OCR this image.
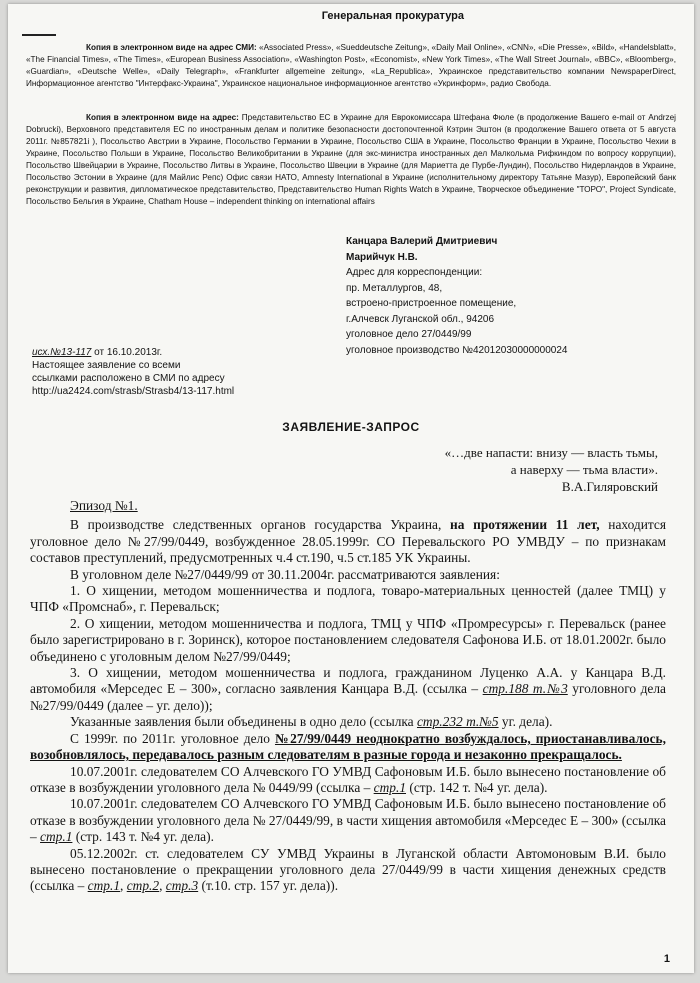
Генеральная прокуратура

Копия в электронном виде на адрес СМИ: «Associated Press», «Sueddeutsche Zeitung», «Daily Mail Online», «CNN», «Die Presse», «Bild», «Handelsblatt», «The Financial Times», «The Times», «European Business Association», «Washington Post», «Economist», «New York Times», «The Wall Street Journal», «BBC», «Bloomberg», «Guardian», «Deutsche Welle», «Daily Telegraph», «Frankfurter allgemeine zeitung», «La_Republica», Украинское представительство компании NewspaperDirect, Информационное агентство "Интерфакс-Украина", Украинское национальное информационное агентство «Укринформ», радио Свобода.

Копия в электронном виде на адрес: Представительство ЕС в Украине для Еврокомиссара Штефана Фюле (в продолжение Вашего e-mail от Andrzej Dobrucki), Верховного представителя ЕС по иностранным делам и политике безопасности достопочтенной Кэтрин Эштон (в продолжение Вашего ответа от 5 августа 2011г. №857821i ), Посольство Австрии в Украине, Посольство Германии в Украине, Посольство США в Украине, Посольство Франции в Украине, Посольство Чехии в Украине, Посольство Польши в Украине, Посольство Великобритании в Украине (для экс-министра иностранных дел Малкольма Рифкиндом по вопросу коррупции), Посольство Швейцарии в Украине, Посольство Литвы в Украине, Посольство Швеции в Украине (для Мариетта де Пурбе-Лундин), Посольство Нидерландов в Украине, Посольство Эстонии в Украине (для Майлис Репс) Офис связи НАТО, Amnesty International в Украине (исполнительному директору Татьяне Мазур), Европейский банк реконструкции и развития, дипломатическое представительство, Представительство Human Rights Watch в Украине, Творческое объединение "ТОРО", Project Syndicate, Посольство Бельгия в Украине, Chatham House – independent thinking on international affairs

Канцара Валерий Дмитриевич
Марийчук Н.В.
Адрес для корреспонденции:
пр. Металлургов, 48,
встроено-пристроенное помещение,
г.Алчевск Луганской обл., 94206
уголовное дело 27/0449/99
уголовное производство №42012030000000024
исх.№13-117 от 16.10.2013г.
Настоящее заявление со всеми
ссылками расположено в СМИ по адресу
http://ua2424.com/strasb/Strasb4/13-117.html
ЗАЯВЛЕНИЕ-ЗАПРОС
«…две напасти: внизу — власть тьмы,
а наверху — тьма власти».
В.А.Гиляровский

Эпизод №1.

В производстве следственных органов государства Украина, на протяжении 11 лет, находится уголовное дело №27/99/0449, возбужденное 28.05.1999г. СО Перевальского РО УМВДУ – по признакам составов преступлений, предусмотренных ч.4 ст.190, ч.5 ст.185 УК Украины.

В уголовном деле №27/0449/99 от 30.11.2004г. рассматриваются заявления:

1. О хищении, методом мошенничества и подлога, товаро-материальных ценностей (далее ТМЦ) у ЧПФ «Промснаб», г. Перевальск;

2. О хищении, методом мошенничества и подлога, ТМЦ у ЧПФ «Промресурсы» г. Перевальск (ранее было зарегистрировано в г. Зоринск), которое постановлением следователя Сафонова И.Б. от 18.01.2002г. было объединено с уголовным делом №27/99/0449;

3. О хищении, методом мошенничества и подлога, гражданином Луценко А.А. у Канцара В.Д. автомобиля «Мерседес Е – 300», согласно заявления Канцара В.Д. (ссылка – стр.188 т.№3 уголовного дела №27/99/0449 (далее – уг. дело));

Указанные заявления были объединены в одно дело (ссылка стр.232 т.№5 уг. дела).

С 1999г. по 2011г. уголовное дело №27/99/0449 неоднократно возбуждалось, приостанавливалось, возобновлялось, передавалось разным следователям в разные города и незаконно прекращалось.

10.07.2001г. следователем СО Алчевского ГО УМВД Сафоновым И.Б. было вынесено постановление об отказе в возбуждении уголовного дела № 0449/99 (ссылка – стр.1 (стр. 142 т. №4 уг. дела).

10.07.2001г. следователем СО Алчевского ГО УМВД Сафоновым И.Б. было вынесено постановление об отказе в возбуждении уголовного дела № 27/0449/99, в части хищения автомобиля «Мерседес Е – 300» (ссылка – стр.1 (стр. 143 т. №4 уг. дела).

05.12.2002г. ст. следователем СУ УМВД Украины в Луганской области Автомоновым В.И. было вынесено постановление о прекращении уголовного дела 27/0449/99 в части хищения денежных средств (ссылка – стр.1, стр.2, стр.3 (т.10. стр. 157 уг. дела)).

1
